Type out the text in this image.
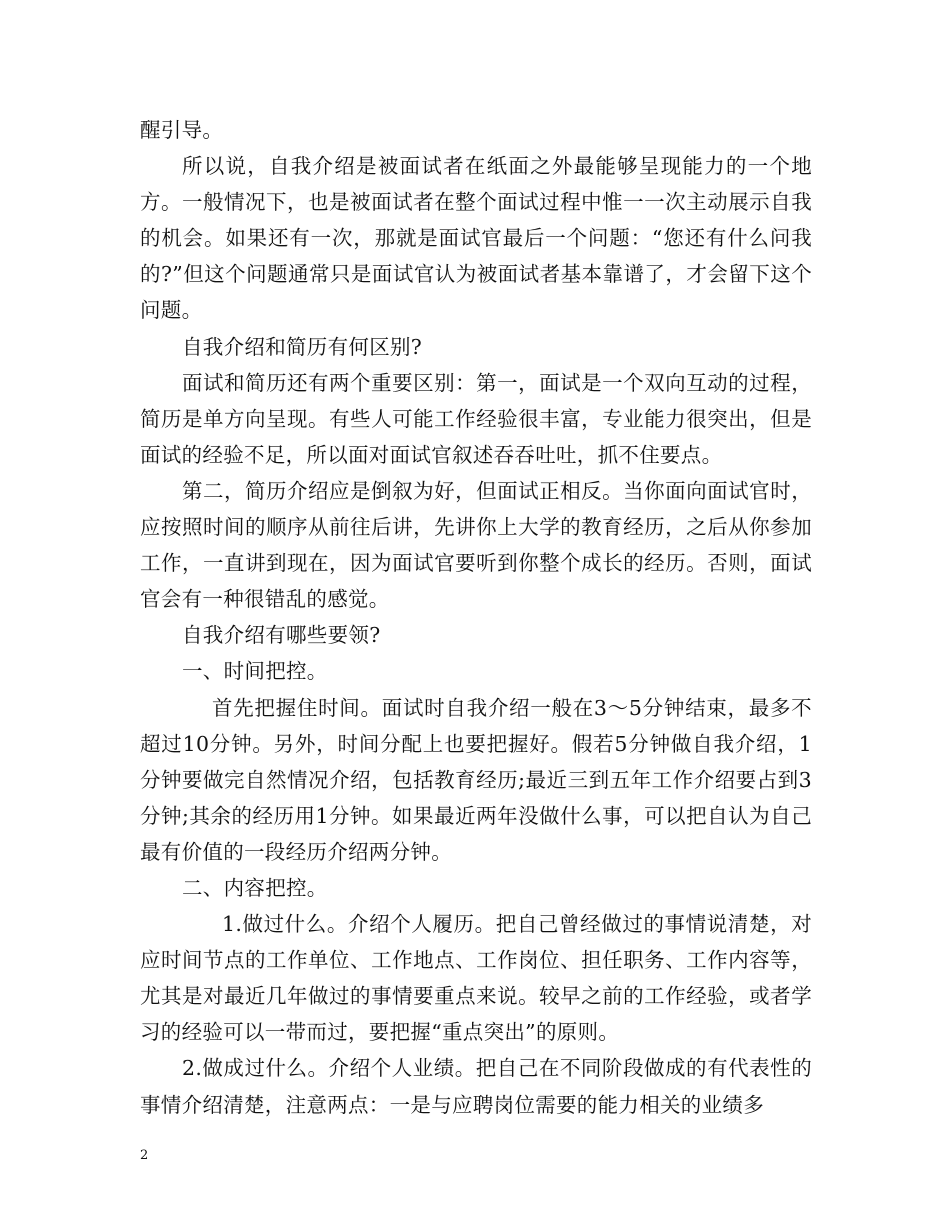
醒引导。

所以说，自我介绍是被面试者在纸面之外最能够呈现能力的一个地方。一般情况下，也是被面试者在整个面试过程中惟一一次主动展示自我的机会。如果还有一次，那就是面试官最后一个问题：“您还有什么问我的?”但这个问题通常只是面试官认为被面试者基本靠谱了，才会留下这个问题。

自我介绍和简历有何区别?

面试和简历还有两个重要区别：第一，面试是一个双向互动的过程，简历是单方向呈现。有些人可能工作经验很丰富，专业能力很突出，但是面试的经验不足，所以面对面试官叙述吞吞吐吐，抓不住要点。

第二，简历介绍应是倒叙为好，但面试正相反。当你面向面试官时，应按照时间的顺序从前往后讲，先讲你上大学的教育经历，之后从你参加工作，一直讲到现在，因为面试官要听到你整个成长的经历。否则，面试官会有一种很错乱的感觉。

自我介绍有哪些要领?

一、时间把控。

首先把握住时间。面试时自我介绍一般在3～5分钟结束，最多不超过10分钟。另外，时间分配上也要把握好。假若5分钟做自我介绍，1分钟要做完自然情况介绍，包括教育经历;最近三到五年工作介绍要占到3分钟;其余的经历用1分钟。如果最近两年没做什么事，可以把自认为自己最有价值的一段经历介绍两分钟。

二、内容把控。

1.做过什么。介绍个人履历。把自己曾经做过的事情说清楚，对应时间节点的工作单位、工作地点、工作岗位、担任职务、工作内容等，尤其是对最近几年做过的事情要重点来说。较早之前的工作经验，或者学习的经验可以一带而过，要把握“重点突出”的原则。

2.做成过什么。介绍个人业绩。把自己在不同阶段做成的有代表性的事情介绍清楚，注意两点：一是与应聘岗位需要的能力相关的业绩多

2
